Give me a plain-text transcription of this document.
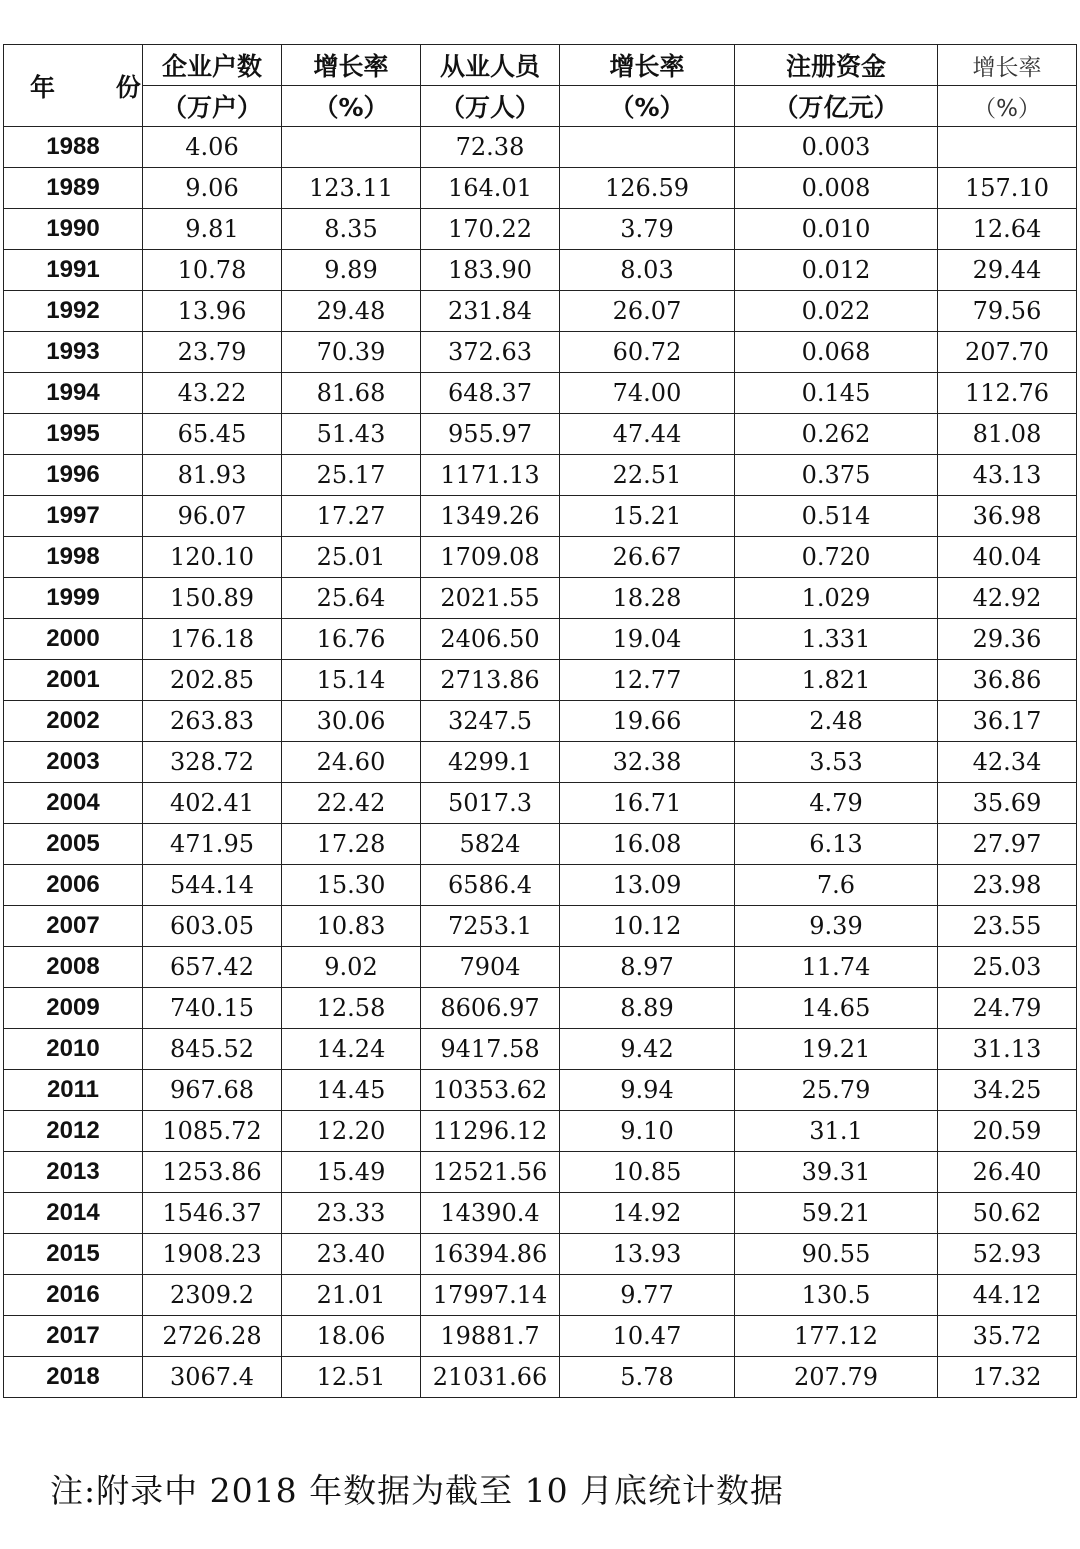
年 份	企业户数	增长率	从业人员	增长率	注册资金	增长率
	（万户）	（%）	（万人）	（%）	（万亿元）	（%）
1988	4.06		72.38		0.003	
1989	9.06	123.11	164.01	126.59	0.008	157.10
1990	9.81	8.35	170.22	3.79	0.010	12.64
1991	10.78	9.89	183.90	8.03	0.012	29.44
1992	13.96	29.48	231.84	26.07	0.022	79.56
1993	23.79	70.39	372.63	60.72	0.068	207.70
1994	43.22	81.68	648.37	74.00	0.145	112.76
1995	65.45	51.43	955.97	47.44	0.262	81.08
1996	81.93	25.17	1171.13	22.51	0.375	43.13
1997	96.07	17.27	1349.26	15.21	0.514	36.98
1998	120.10	25.01	1709.08	26.67	0.720	40.04
1999	150.89	25.64	2021.55	18.28	1.029	42.92
2000	176.18	16.76	2406.50	19.04	1.331	29.36
2001	202.85	15.14	2713.86	12.77	1.821	36.86
2002	263.83	30.06	3247.5	19.66	2.48	36.17
2003	328.72	24.60	4299.1	32.38	3.53	42.34
2004	402.41	22.42	5017.3	16.71	4.79	35.69
2005	471.95	17.28	5824	16.08	6.13	27.97
2006	544.14	15.30	6586.4	13.09	7.6	23.98
2007	603.05	10.83	7253.1	10.12	9.39	23.55
2008	657.42	9.02	7904	8.97	11.74	25.03
2009	740.15	12.58	8606.97	8.89	14.65	24.79
2010	845.52	14.24	9417.58	9.42	19.21	31.13
2011	967.68	14.45	10353.62	9.94	25.79	34.25
2012	1085.72	12.20	11296.12	9.10	31.1	20.59
2013	1253.86	15.49	12521.56	10.85	39.31	26.40
2014	1546.37	23.33	14390.4	14.92	59.21	50.62
2015	1908.23	23.40	16394.86	13.93	90.55	52.93
2016	2309.2	21.01	17997.14	9.77	130.5	44.12
2017	2726.28	18.06	19881.7	10.47	177.12	35.72
2018	3067.4	12.51	21031.66	5.78	207.79	17.32
注:附录中 2018 年数据为截至 10 月底统计数据
